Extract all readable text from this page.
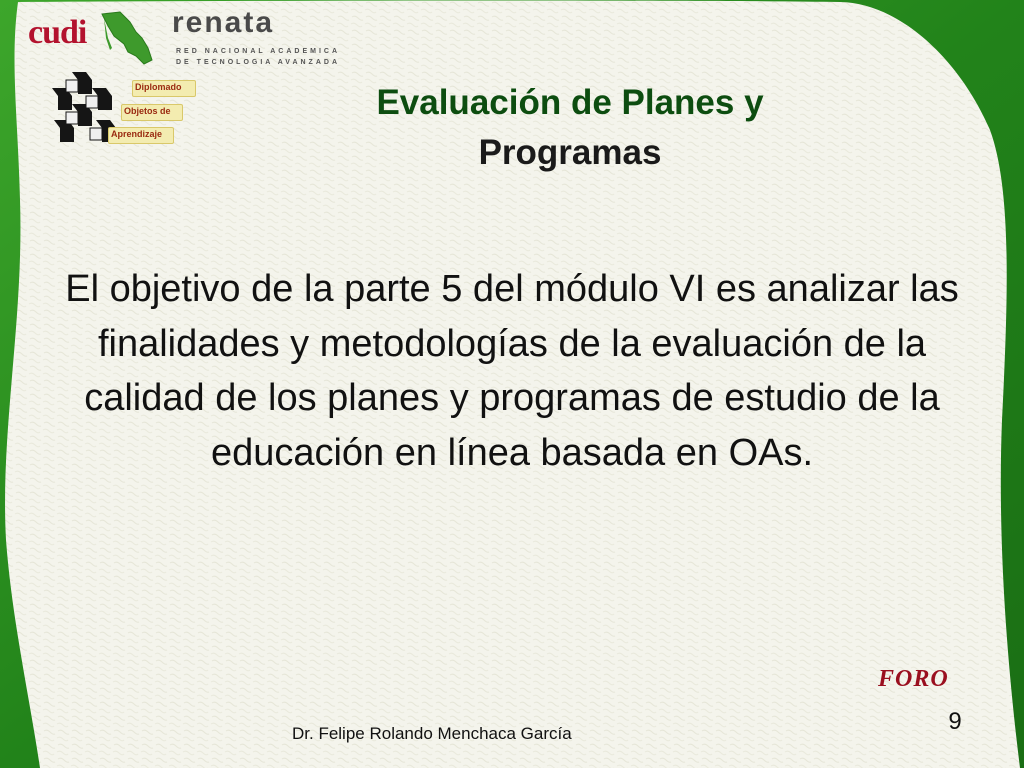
cudi	renata
RED NACIONAL ACADEMICA
DE TECNOLOGIA AVANZADA
Diplomado
Objetos de
Aprendizaje
Evaluación de Planes y
Programas
El objetivo de la parte 5 del módulo VI es analizar las finalidades y metodologías de la evaluación de la calidad de los planes y programas de estudio de la educación en línea basada en OAs.
FORO
9
Dr. Felipe Rolando Menchaca García
